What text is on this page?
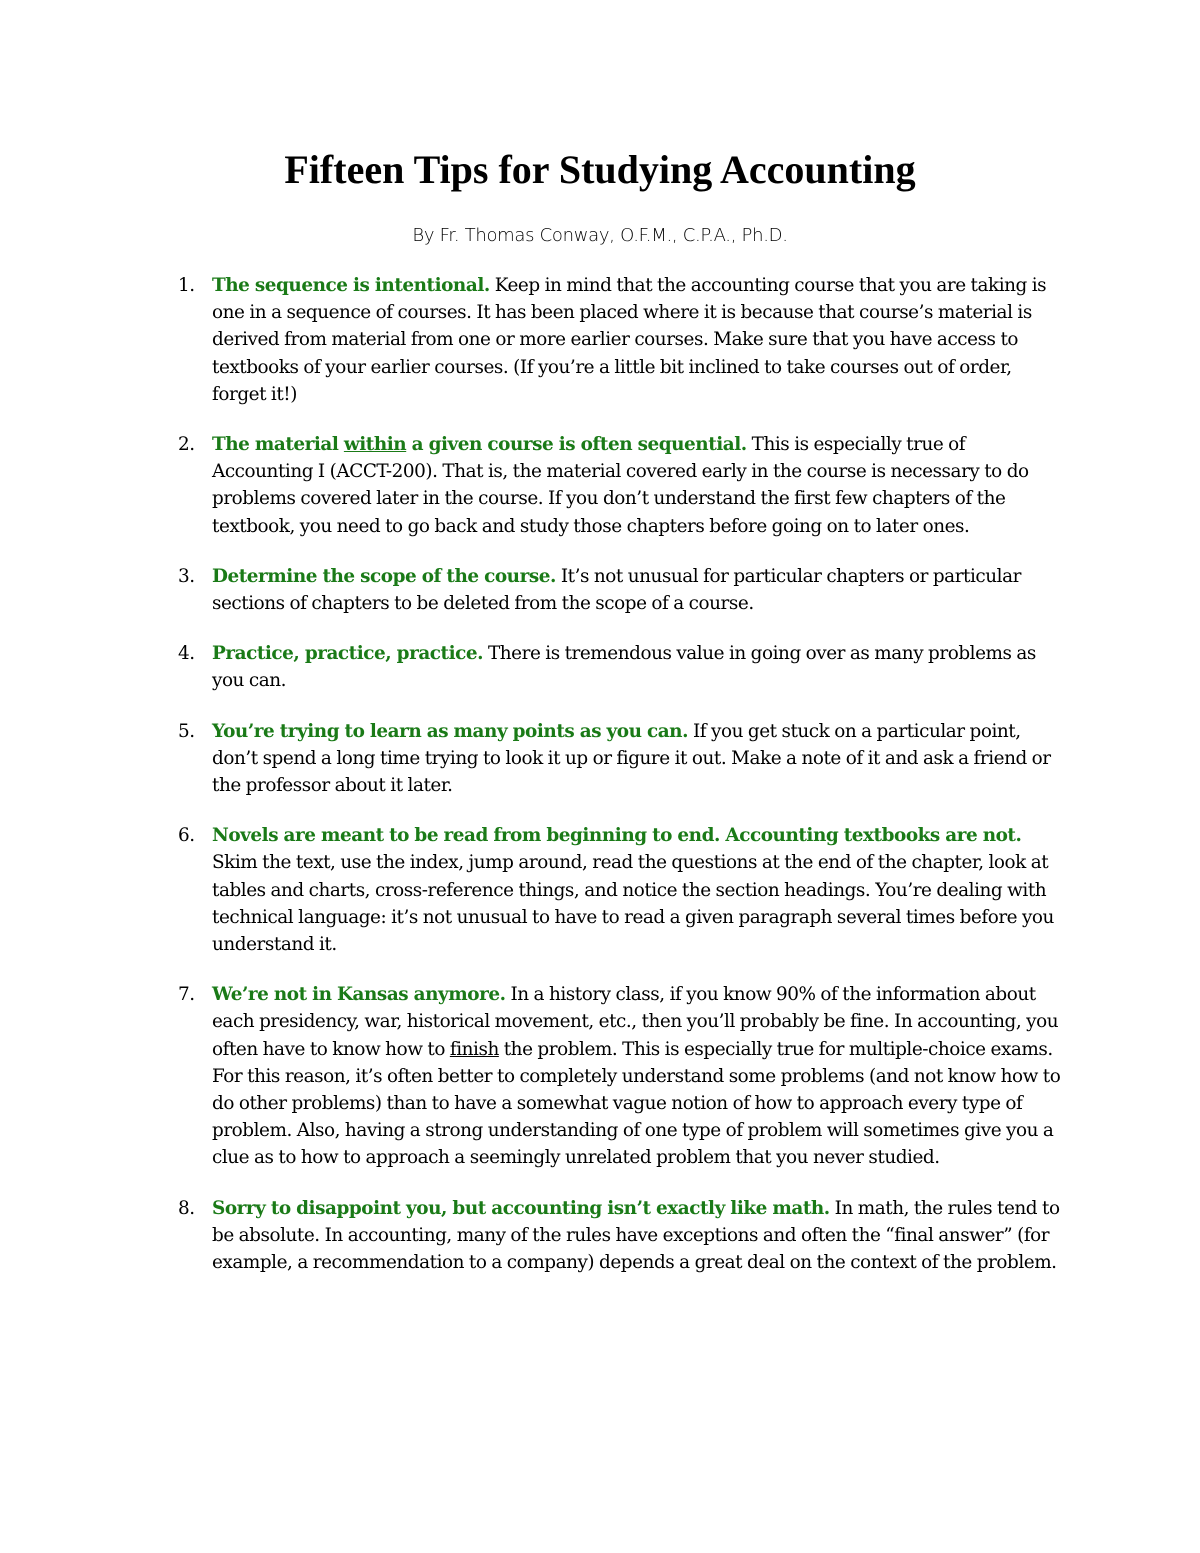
Fifteen Tips for Studying Accounting
By Fr. Thomas Conway, O.F.M., C.P.A., Ph.D.
1. The sequence is intentional. Keep in mind that the accounting course that you are taking is one in a sequence of courses. It has been placed where it is because that course’s material is derived from material from one or more earlier courses. Make sure that you have access to textbooks of your earlier courses. (If you’re a little bit inclined to take courses out of order, forget it!)
2. The material within a given course is often sequential. This is especially true of Accounting I (ACCT-200). That is, the material covered early in the course is necessary to do problems covered later in the course. If you don’t understand the first few chapters of the textbook, you need to go back and study those chapters before going on to later ones.
3. Determine the scope of the course. It’s not unusual for particular chapters or particular sections of chapters to be deleted from the scope of a course.
4. Practice, practice, practice. There is tremendous value in going over as many problems as you can.
5. You’re trying to learn as many points as you can. If you get stuck on a particular point, don’t spend a long time trying to look it up or figure it out. Make a note of it and ask a friend or the professor about it later.
6. Novels are meant to be read from beginning to end. Accounting textbooks are not. Skim the text, use the index, jump around, read the questions at the end of the chapter, look at tables and charts, cross-reference things, and notice the section headings. You’re dealing with technical language: it’s not unusual to have to read a given paragraph several times before you understand it.
7. We’re not in Kansas anymore. In a history class, if you know 90% of the information about each presidency, war, historical movement, etc., then you’ll probably be fine. In accounting, you often have to know how to finish the problem. This is especially true for multiple-choice exams. For this reason, it’s often better to completely understand some problems (and not know how to do other problems) than to have a somewhat vague notion of how to approach every type of problem. Also, having a strong understanding of one type of problem will sometimes give you a clue as to how to approach a seemingly unrelated problem that you never studied.
8. Sorry to disappoint you, but accounting isn’t exactly like math. In math, the rules tend to be absolute. In accounting, many of the rules have exceptions and often the “final answer” (for example, a recommendation to a company) depends a great deal on the context of the problem.
